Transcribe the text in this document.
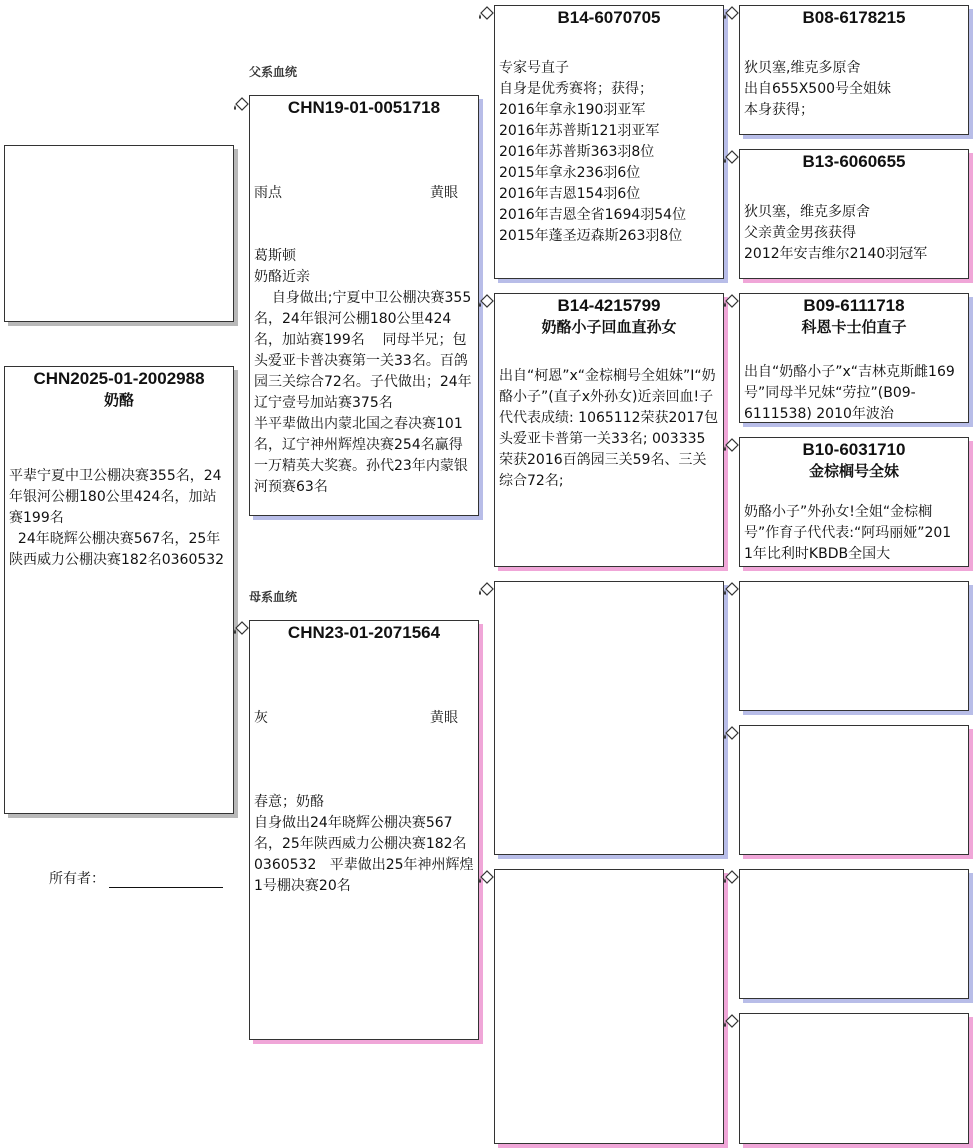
父系血统
母系血统
CHN2025-01-2002988
奶酪
平辈宁夏中卫公棚决赛355名，24年银河公棚180公里424名，加站赛199名
24年晓辉公棚决赛567名，25年陕西威力公棚决赛182名0360532
所有者：
CHN19-01-0051718

雨点	黄眼

葛斯顿
奶酪近亲
自身做出;宁夏中卫公棚决赛355名，24年银河公棚180公里424名，加站赛199名    同母半兄；包头爱亚卡普决赛第一关33名。百鸽园三关综合72名。子代做出；24年辽宁壹号加站赛375名
半平辈做出内蒙北国之春决赛101名，辽宁神州辉煌决赛254名赢得一万精英大奖赛。孙代23年内蒙银河预赛63名
CHN23-01-2071564

灰	黄眼

春意；奶酪
自身做出24年晓辉公棚决赛567名，25年陕西威力公棚决赛182名0360532   平辈做出25年神州辉煌1号棚决赛20名
B14-6070705

专家号直子
自身是优秀赛将；获得；
2016年拿永190羽亚军
2016年苏普斯121羽亚军
2016年苏普斯363羽8位
2015年拿永236羽6位
2016年吉恩154羽6位
2016年吉恩全省1694羽54位
2015年蓬圣迈森斯263羽8位
B14-4215799
奶酪小子回血直孙女

出自“柯恩”x“金棕榈号全姐妹”I“奶酪小子”(直子x外孙女)近亲回血!子代代表成绩: 1065112荣获2017包头爱亚卡普第一关33名; 003335荣获2016百鸽园三关59名、三关综合72名;
B08-6178215

狄贝塞,维克多原舍
出自655X500号全姐妹
本身获得；
B13-6060655

狄贝塞，维克多原舍
父亲黄金男孩获得
2012年安吉维尔2140羽冠军
B09-6111718
科恩卡士伯直子

出自“奶酪小子”x“吉林克斯雌169号”同母半兄妹“劳拉”(B09-6111538) 2010年波治
B10-6031710
金棕榈号全妹

奶酪小子”外孙女!全姐“金棕榈号”作育子代代表:“阿玛丽娅”201 1年比利时KBDB全国大
